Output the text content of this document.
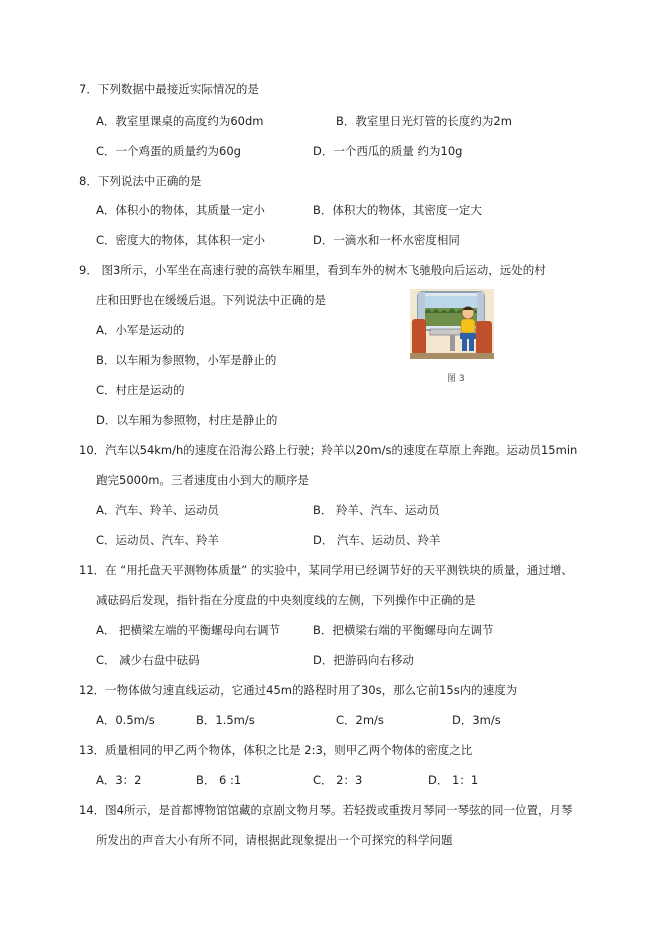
7．下列数据中最接近实际情况的是
A．教室里课桌的高度约为60dm	B．教室里日光灯管的长度约为2m
C．一个鸡蛋的质量约为60g	D．一个西瓜的质量 约为10g
8．下列说法中正确的是
A．体积小的物体，其质量一定小	B．体积大的物体，其密度一定大
C．密度大的物体，其体积一定小	D．一滴水和一杯水密度相同
9． 图3所示，小军坐在高速行驶的高铁车厢里，看到车外的树木飞驰般向后运动，远处的村
庄和田野也在缓缓后退。下列说法中正确的是
A．小军是运动的
B．以车厢为参照物，小军是静止的
C．村庄是运动的
D．以车厢为参照物，村庄是静止的
图 3
10．汽车以54km/h的速度在沿海公路上行驶；羚羊以20m/s的速度在草原上奔跑。运动员15min
跑完5000m。三者速度由小到大的顺序是
A．汽车、羚羊、运动员	B． 羚羊、汽车、运动员
C．运动员、汽车、羚羊	D． 汽车、运动员、羚羊
11．在 “用托盘天平测物体质量” 的实验中，某同学用已经调节好的天平测铁块的质量，通过增、
减砝码后发现，指针指在分度盘的中央刻度线的左侧，下列操作中正确的是
A． 把横梁左端的平衡螺母向右调节	B．把横梁右端的平衡螺母向左调节
C． 减少右盘中砝码	D．把游码向右移动
12．一物体做匀速直线运动，它通过45m的路程时用了30s，那么它前15s内的速度为
A．0.5m/s	B．1.5m/s	C．2m/s	D．3m/s
13．质量相同的甲乙两个物体，体积之比是 2:3，则甲乙两个物体的密度之比
A．3：2	B． 6 :1	C． 2：3	D． 1：1
14．图4所示，是首都博物馆馆藏的京剧文物月琴。若轻拨或重拨月琴同一琴弦的同一位置，月琴
所发出的声音大小有所不同，请根据此现象提出一个可探究的科学问题
